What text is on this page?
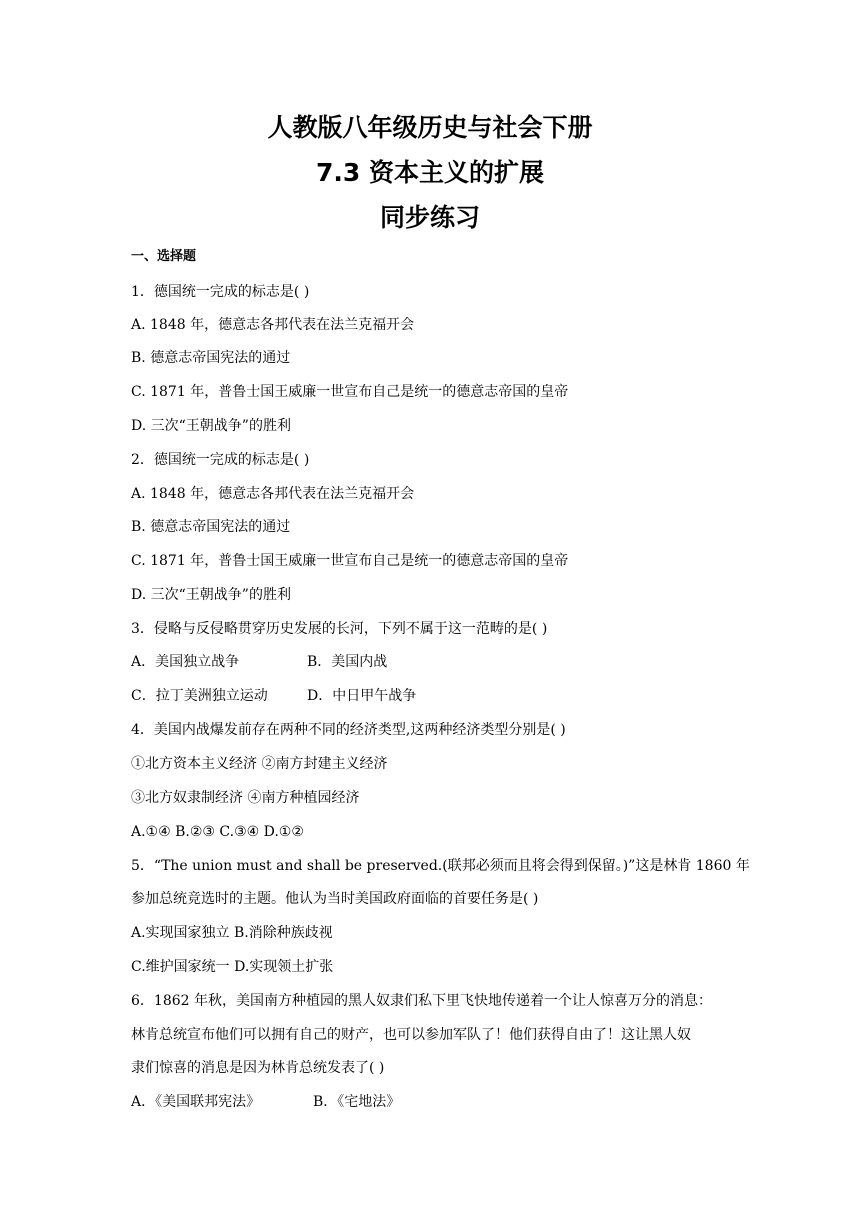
人教版八年级历史与社会下册
7.3 资本主义的扩展
同步练习
一、选择题
1．德国统一完成的标志是( )
A. 1848 年，德意志各邦代表在法兰克福开会
B. 德意志帝国宪法的通过
C. 1871 年，普鲁士国王威廉一世宣布自己是统一的德意志帝国的皇帝
D. 三次“王朝战争”的胜利
2．德国统一完成的标志是( )
A. 1848 年，德意志各邦代表在法兰克福开会
B. 德意志帝国宪法的通过
C. 1871 年，普鲁士国王威廉一世宣布自己是统一的德意志帝国的皇帝
D. 三次“王朝战争”的胜利
3．侵略与反侵略贯穿历史发展的长河，下列不属于这一范畴的是( )
A．美国独立战争	B．美国内战
C．拉丁美洲独立运动	D．中日甲午战争
4．美国内战爆发前存在两种不同的经济类型,这两种经济类型分别是( )
①北方资本主义经济 ②南方封建主义经济
③北方奴隶制经济 ④南方种植园经济
A.①④ B.②③ C.③④ D.①②
5．“The union must and shall be preserved.(联邦必须而且将会得到保留。)”这是林肯 1860 年
参加总统竞选时的主题。他认为当时美国政府面临的首要任务是( )
A.实现国家独立 B.消除种族歧视
C.维护国家统一 D.实现领土扩张
6．1862 年秋，美国南方种植园的黑人奴隶们私下里飞快地传递着一个让人惊喜万分的消息：
林肯总统宣布他们可以拥有自己的财产，也可以参加军队了！他们获得自由了！这让黑人奴
隶们惊喜的消息是因为林肯总统发表了( )
A．《美国联邦宪法》	B．《宅地法》
